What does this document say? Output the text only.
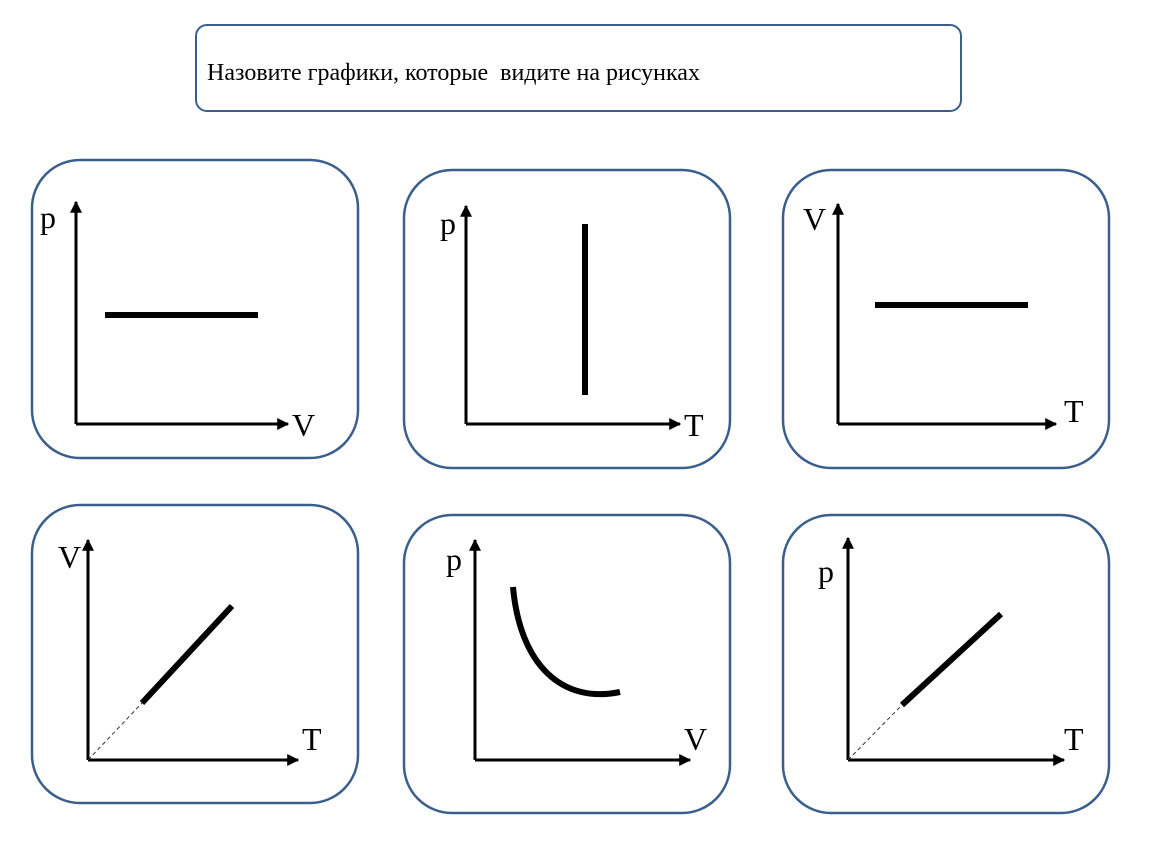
Назовите графики, которые  видите на рисунках
p
V
p
T
V
T
V
T
p
V
p
T
